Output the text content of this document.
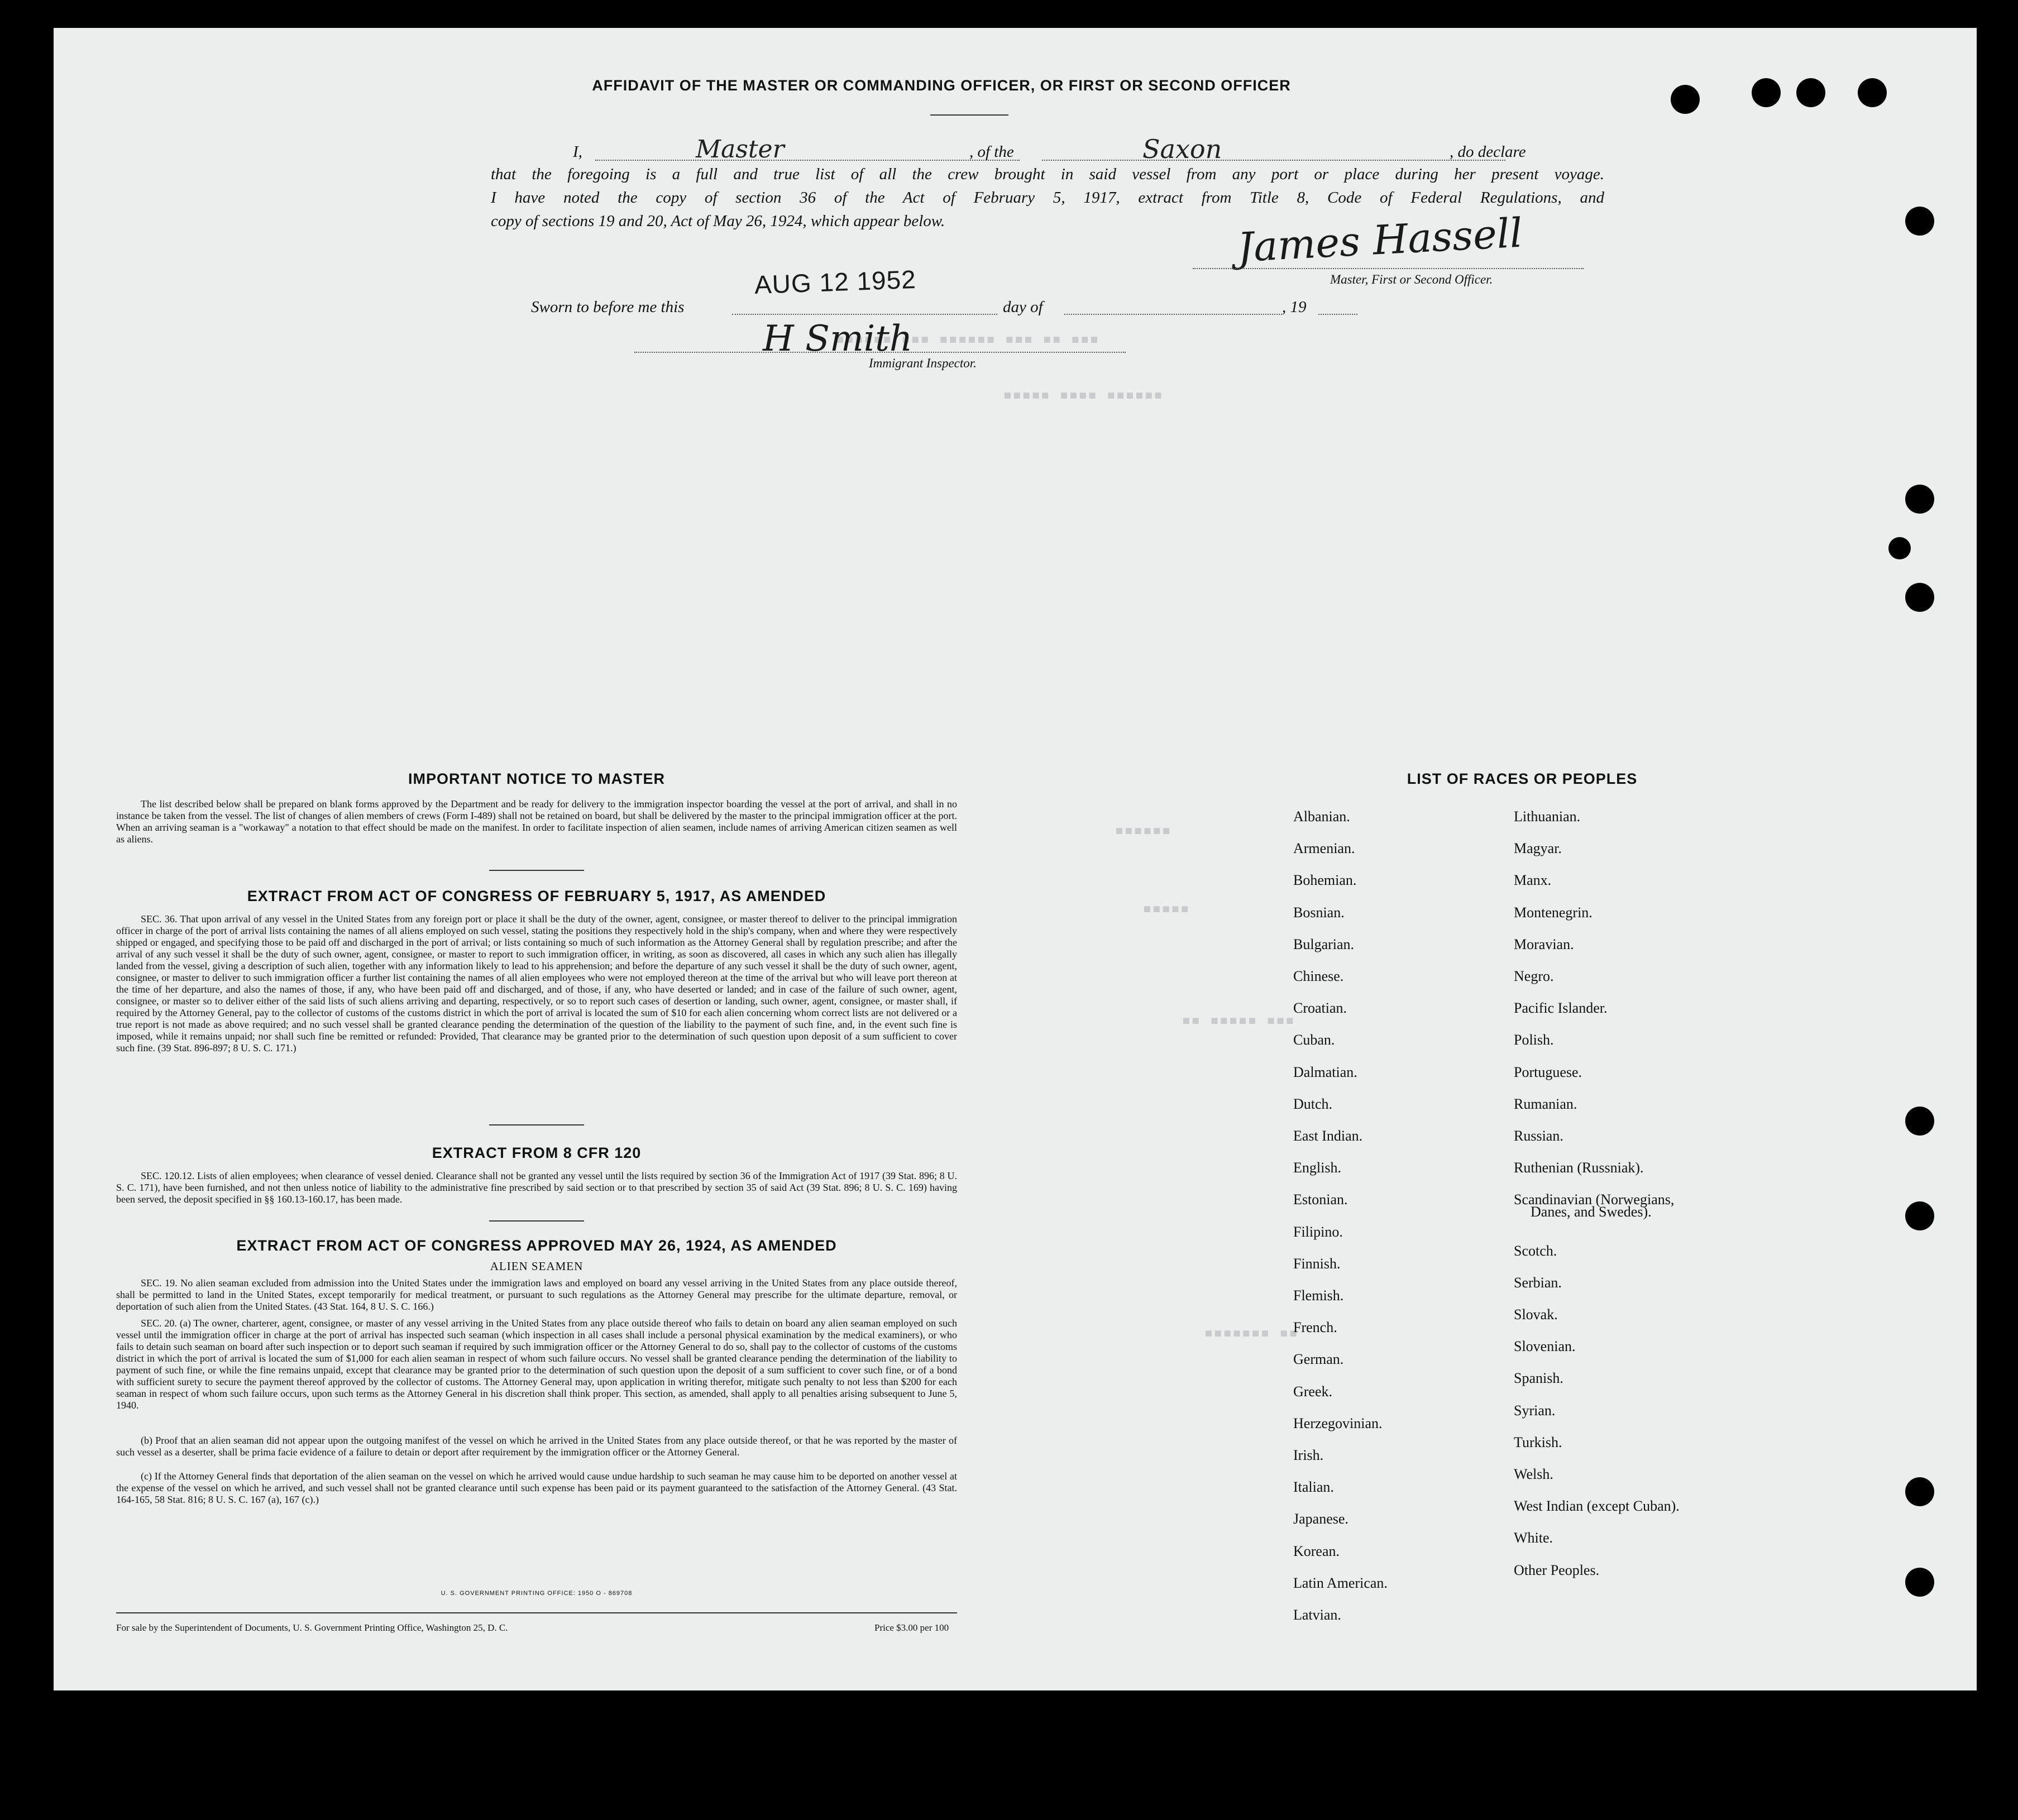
▪▪▪▪▪▪ ▪▪▪ ▪▪▪▪▪▪ ▪▪▪ ▪▪ ▪▪▪
▪▪▪▪▪ ▪▪▪▪ ▪▪▪▪▪▪
▪▪▪▪▪▪
▪▪▪▪▪
▪▪ ▪▪▪▪▪ ▪▪▪
▪▪▪▪▪▪▪ ▪▪
AFFIDAVIT OF THE MASTER OR COMMANDING OFFICER, OR FIRST OR SECOND OFFICER
I,	Master	, of the	Saxon	, do declare
that the foregoing is a full and true list of all the crew brought in said vessel from any port or place during her present voyage.
I have noted the copy of section 36 of the Act of February 5, 1917, extract from Title 8, Code of Federal Regulations, and
copy of sections 19 and 20, Act of May 26, 1924, which appear below.	James Hassell
Master, First or Second Officer.
Sworn to before me this
AUG 12 1952
day of	, 19
H Smith
Immigrant Inspector.
IMPORTANT NOTICE TO MASTER
The list described below shall be prepared on blank forms approved by the Department and be ready for delivery to the immigration inspector boarding the vessel at the port of arrival, and shall in no instance be taken from the vessel. The list of changes of alien members of crews (Form I-489) shall not be retained on board, but shall be delivered by the master to the principal immigration officer at the port. When an arriving seaman is a "workaway" a notation to that effect should be made on the manifest. In order to facilitate inspection of alien seamen, include names of arriving American citizen seamen as well as aliens.
EXTRACT FROM ACT OF CONGRESS OF FEBRUARY 5, 1917, AS AMENDED
SEC. 36. That upon arrival of any vessel in the United States from any foreign port or place it shall be the duty of the owner, agent, consignee, or master thereof to deliver to the principal immigration officer in charge of the port of arrival lists containing the names of all aliens employed on such vessel, stating the positions they respectively hold in the ship's company, when and where they were respectively shipped or engaged, and specifying those to be paid off and discharged in the port of arrival; or lists containing so much of such information as the Attorney General shall by regulation prescribe; and after the arrival of any such vessel it shall be the duty of such owner, agent, consignee, or master to report to such immigration officer, in writing, as soon as discovered, all cases in which any such alien has illegally landed from the vessel, giving a description of such alien, together with any information likely to lead to his apprehension; and before the departure of any such vessel it shall be the duty of such owner, agent, consignee, or master to deliver to such immigration officer a further list containing the names of all alien employees who were not employed thereon at the time of the arrival but who will leave port thereon at the time of her departure, and also the names of those, if any, who have been paid off and discharged, and of those, if any, who have deserted or landed; and in case of the failure of such owner, agent, consignee, or master so to deliver either of the said lists of such aliens arriving and departing, respectively, or so to report such cases of desertion or landing, such owner, agent, consignee, or master shall, if required by the Attorney General, pay to the collector of customs of the customs district in which the port of arrival is located the sum of $10 for each alien concerning whom correct lists are not delivered or a true report is not made as above required; and no such vessel shall be granted clearance pending the determination of the question of the liability to the payment of such fine, and, in the event such fine is imposed, while it remains unpaid; nor shall such fine be remitted or refunded: Provided, That clearance may be granted prior to the determination of such question upon deposit of a sum sufficient to cover such fine. (39 Stat. 896-897; 8 U. S. C. 171.)
EXTRACT FROM 8 CFR 120
SEC. 120.12. Lists of alien employees; when clearance of vessel denied. Clearance shall not be granted any vessel until the lists required by section 36 of the Immigration Act of 1917 (39 Stat. 896; 8 U. S. C. 171), have been furnished, and not then unless notice of liability to the administrative fine prescribed by said section or to that prescribed by section 35 of said Act (39 Stat. 896; 8 U. S. C. 169) having been served, the deposit specified in §§ 160.13-160.17, has been made.
EXTRACT FROM ACT OF CONGRESS APPROVED MAY 26, 1924, AS AMENDED
ALIEN SEAMEN
SEC. 19. No alien seaman excluded from admission into the United States under the immigration laws and employed on board any vessel arriving in the United States from any place outside thereof, shall be permitted to land in the United States, except temporarily for medical treatment, or pursuant to such regulations as the Attorney General may prescribe for the ultimate departure, removal, or deportation of such alien from the United States. (43 Stat. 164, 8 U. S. C. 166.)
SEC. 20. (a) The owner, charterer, agent, consignee, or master of any vessel arriving in the United States from any place outside thereof who fails to detain on board any alien seaman employed on such vessel until the immigration officer in charge at the port of arrival has inspected such seaman (which inspection in all cases shall include a personal physical examination by the medical examiners), or who fails to detain such seaman on board after such inspection or to deport such seaman if required by such immigration officer or the Attorney General to do so, shall pay to the collector of customs of the customs district in which the port of arrival is located the sum of $1,000 for each alien seaman in respect of whom such failure occurs. No vessel shall be granted clearance pending the determination of the liability to payment of such fine, or while the fine remains unpaid, except that clearance may be granted prior to the determination of such question upon the deposit of a sum sufficient to cover such fine, or of a bond with sufficient surety to secure the payment thereof approved by the collector of customs. The Attorney General may, upon application in writing therefor, mitigate such penalty to not less than $200 for each seaman in respect of whom such failure occurs, upon such terms as the Attorney General in his discretion shall think proper. This section, as amended, shall apply to all penalties arising subsequent to June 5, 1940.
(b) Proof that an alien seaman did not appear upon the outgoing manifest of the vessel on which he arrived in the United States from any place outside thereof, or that he was reported by the master of such vessel as a deserter, shall be prima facie evidence of a failure to detain or deport after requirement by the immigration officer or the Attorney General.
(c) If the Attorney General finds that deportation of the alien seaman on the vessel on which he arrived would cause undue hardship to such seaman he may cause him to be deported on another vessel at the expense of the vessel on which he arrived, and such vessel shall not be granted clearance until such expense has been paid or its payment guaranteed to the satisfaction of the Attorney General. (43 Stat. 164-165, 58 Stat. 816; 8 U. S. C. 167 (a), 167 (c).)
U. S. GOVERNMENT PRINTING OFFICE: 1950 O - 869708
For sale by the Superintendent of Documents, U. S. Government Printing Office, Washington 25, D. C.	Price $3.00 per 100
LIST OF RACES OR PEOPLES
Albanian.
Armenian.
Bohemian.
Bosnian.
Bulgarian.
Chinese.
Croatian.
Cuban.
Dalmatian.
Dutch.
East Indian.
English.
Estonian.
Filipino.
Finnish.
Flemish.
French.
German.
Greek.
Herzegovinian.
Irish.
Italian.
Japanese.
Korean.
Latin American.
Latvian.
Lithuanian.
Magyar.
Manx.
Montenegrin.
Moravian.
Negro.
Pacific Islander.
Polish.
Portuguese.
Rumanian.
Russian.
Ruthenian (Russniak).
Scandinavian (Norwegians,
Danes, and Swedes).
Scotch.
Serbian.
Slovak.
Slovenian.
Spanish.
Syrian.
Turkish.
Welsh.
West Indian (except Cuban).
White.
Other Peoples.
